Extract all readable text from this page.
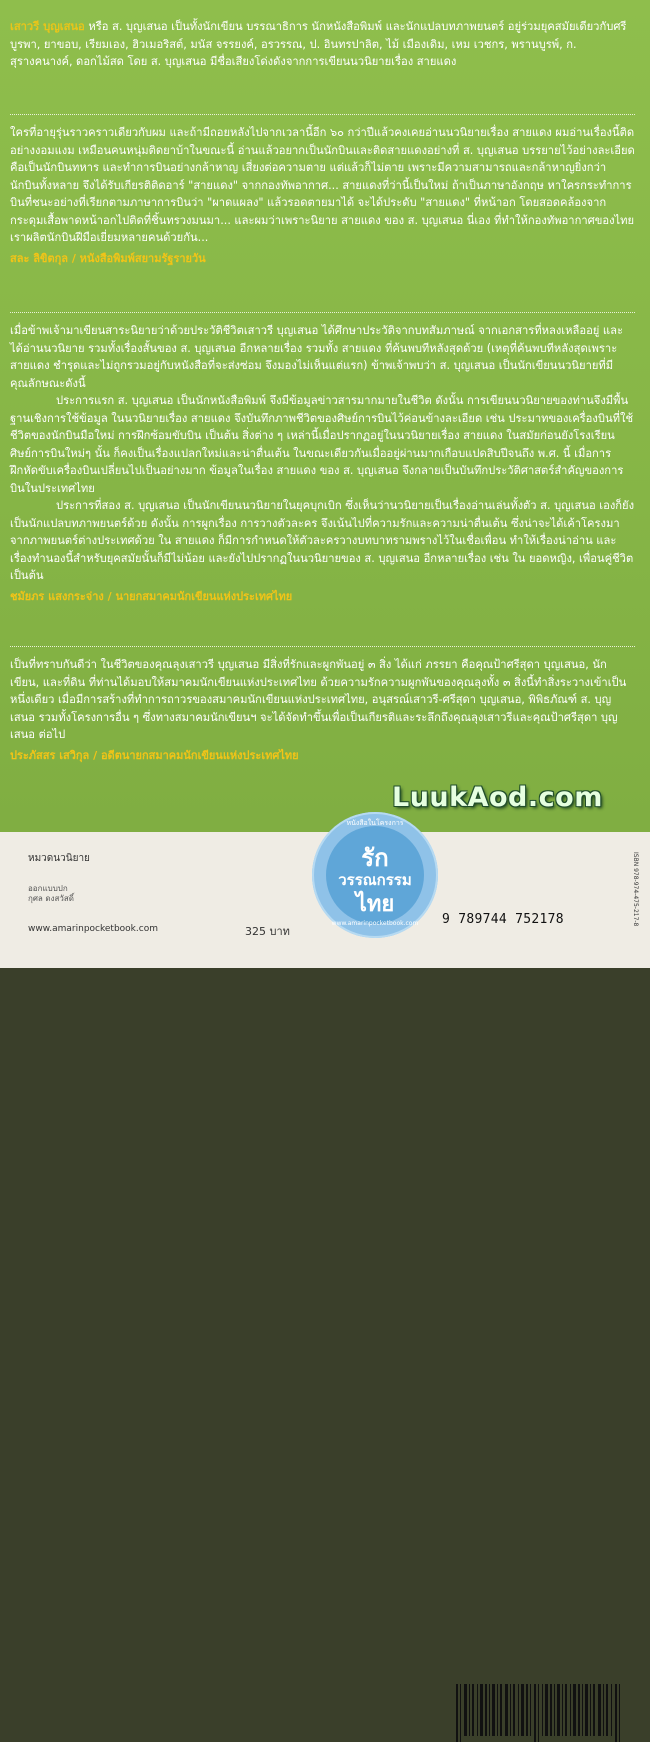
เสาวรี บุญเสนอ หรือ ส. บุญเสนอ เป็นทั้งนักเขียน บรรณาธิการ นักหนังสือพิมพ์ และนักแปลบทภาพยนตร์ อยู่ร่วมยุคสมัยเดียวกับศรีบูรพา, ยาขอบ, เรียมเอง, ฮิวเมอริสต์, มนัส จรรยงค์, อรวรรณ, ป. อินทรปาลิต, ไม้ เมืองเดิม, เหม เวชกร, พรานบูรพ์, ก. สุรางคนางค์, ดอกไม้สด โดย ส. บุญเสนอ มีชื่อเสียงโด่งดังจากการเขียนนวนิยายเรื่อง สายแดง

ใครที่อายุรุ่นราวคราวเดียวกับผม และถ้ามีถอยหลังไปจากเวลานี้อีก ๖๐ กว่าปีแล้วคงเคยอ่านนวนิยายเรื่อง สายแดง ผมอ่านเรื่องนี้ติดอย่างงอมแงม เหมือนคนหนุ่มติดยาบ้าในขณะนี้ อ่านแล้วอยากเป็นนักบินและติดสายแดงอย่างที่ ส. บุญเสนอ บรรยายไว้อย่างละเอียด คือเป็นนักบินทหาร และทำการบินอย่างกล้าหาญ เสี่ยงต่อความตาย แต่แล้วก็ไม่ตาย เพราะมีความสามารถและกล้าหาญยิ่งกว่านักบินทั้งหลาย จึงได้รับเกียรติติดอาร์ "สายแดง" จากกองทัพอากาศ... สายแดงที่ว่านี้เป็นใหม่ ถ้าเป็นภาษาอังกฤษ หาใครกระทำการบินที่ชนะอย่างที่เรียกตามภาษาการบินว่า "ผาดแผลง" แล้วรอดตายมาได้ จะได้ประดับ "สายแดง" ที่หน้าอก โดยสอดคล้องจากกระดุมเสื้อพาดหน้าอกไปติดที่ชิ้นทรวงมนมา... และผมว่าเพราะนิยาย สายแดง ของ ส. บุญเสนอ นี่เอง ที่ทำให้กองทัพอากาศของไทยเราผลิตนักบินฝีมือเยี่ยมหลายคนด้วยกัน...

สละ ลิขิตกุล / หนังสือพิมพ์สยามรัฐรายวัน

เมื่อข้าพเจ้ามาเขียนสาระนิยายว่าด้วยประวัติชีวิตเสาวรี บุญเสนอ ได้ศึกษาประวัติจากบทสัมภาษณ์ จากเอกสารที่หลงเหลืออยู่ และได้อ่านนวนิยาย รวมทั้งเรื่องสั้นของ ส. บุญเสนอ อีกหลายเรื่อง รวมทั้ง สายแดง ที่ค้นพบทีหลังสุดด้วย (เหตุที่ค้นพบทีหลังสุดเพราะ สายแดง ชำรุดและไม่ถูกรวมอยู่กับหนังสือที่จะส่งซ่อม จึงมองไม่เห็นแต่แรก) ข้าพเจ้าพบว่า ส. บุญเสนอ เป็นนักเขียนนวนิยายที่มีคุณลักษณะดังนี้

ประการแรก ส. บุญเสนอ เป็นนักหนังสือพิมพ์ จึงมีข้อมูลข่าวสารมากมายในชีวิต ดังนั้น การเขียนนวนิยายของท่านจึงมีพื้นฐานเชิงการใช้ข้อมูล ในนวนิยายเรื่อง สายแดง จึงบันทึกภาพชีวิตของศิษย์การบินไว้ค่อนข้างละเอียด เช่น ประมาทของเครื่องบินที่ใช้ ชีวิตของนักบินมือใหม่ การฝึกซ้อมขับบิน เป็นต้น สิ่งต่าง ๆ เหล่านี้เมื่อปรากฏอยู่ในนวนิยายเรื่อง สายแดง ในสมัยก่อนยังโรงเรียนศิษย์การบินใหม่ๆ นั้น ก็คงเป็นเรื่องแปลกใหม่และน่าตื่นเต้น ในขณะเดียวกันเมื่ออยู่ผ่านมากเกือบแปดสิบปีจนถึง พ.ศ. นี้ เมื่อการฝึกหัดขับเครื่องบินเปลี่ยนไปเป็นอย่างมาก ข้อมูลในเรื่อง สายแดง ของ ส. บุญเสนอ จึงกลายเป็นบันทึกประวัติศาสตร์สำคัญของการบินในประเทศไทย

ประการที่สอง ส. บุญเสนอ เป็นนักเขียนนวนิยายในยุคบุกเบิก ซึ่งเห็นว่านวนิยายเป็นเรื่องอ่านเล่นทั้งตัว ส. บุญเสนอ เองก็ยังเป็นนักแปลบทภาพยนตร์ด้วย ดังนั้น การผูกเรื่อง การวางตัวละคร จึงเน้นไปที่ความรักและความน่าตื่นเต้น ซึ่งน่าจะได้เค้าโครงมาจากภาพยนตร์ต่างประเทศด้วย ใน สายแดง ก็มีการกำหนดให้ตัวละครวางบทบาทรามพรางไว้ในเชื่อเพื่อน ทำให้เรื่องน่าอ่าน และเรื่องทำนองนี้สำหรับยุคสมัยนั้นก็มีไม่น้อย และยังไปปรากฏในนวนิยายของ ส. บุญเสนอ อีกหลายเรื่อง เช่น ใน ยอดหญิง, เพื่อนคู่ชีวิต เป็นต้น

ชมัยภร แสงกระจ่าง / นายกสมาคมนักเขียนแห่งประเทศไทย

เป็นที่ทราบกันดีว่า ในชีวิตของคุณลุงเสาวรี บุญเสนอ มีสิ่งที่รักและผูกพันอยู่ ๓ สิ่ง ได้แก่ ภรรยา คือคุณป้าศรีสุดา บุญเสนอ, นักเขียน, และที่ดิน ที่ท่านได้มอบให้สมาคมนักเขียนแห่งประเทศไทย ด้วยความรักความผูกพันของคุณลุงทั้ง ๓ สิ่งนี้ทำสิ่งระวางเข้าเป็นหนึ่งเดียว เมื่อมีการสร้างที่ทำการถาวรของสมาคมนักเขียนแห่งประเทศไทย, อนุสรณ์เสาวรี-ศรีสุดา บุญเสนอ, พิพิธภัณฑ์ ส. บุญเสนอ รวมทั้งโครงการอื่น ๆ ซึ่งทางสมาคมนักเขียนฯ จะได้จัดทำขึ้นเพื่อเป็นเกียรติและระลึกถึงคุณลุงเสาวรีและคุณป้าศรีสุดา บุญเสนอ ต่อไป

ประภัสสร เสวิกุล / อดีตนายกสมาคมนักเขียนแห่งประเทศไทย
หมวดนวนิยาย
ออกแบบปก
กุศล ดงสวัสดิ์
www.amarinpocketbook.com	325 บาท
9 789744 752178	ISBN 978-974-475-217-8
หนังสือในโครงการ
รัก
วรรณกรรม
ไทย
www.amarinpocketbook.com
LuukAod.com
